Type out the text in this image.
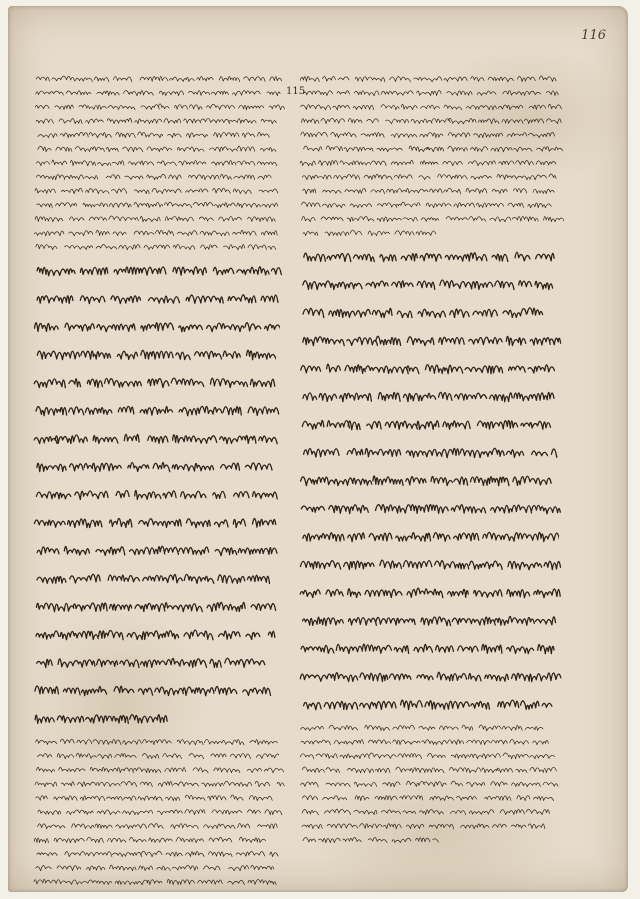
116
115
